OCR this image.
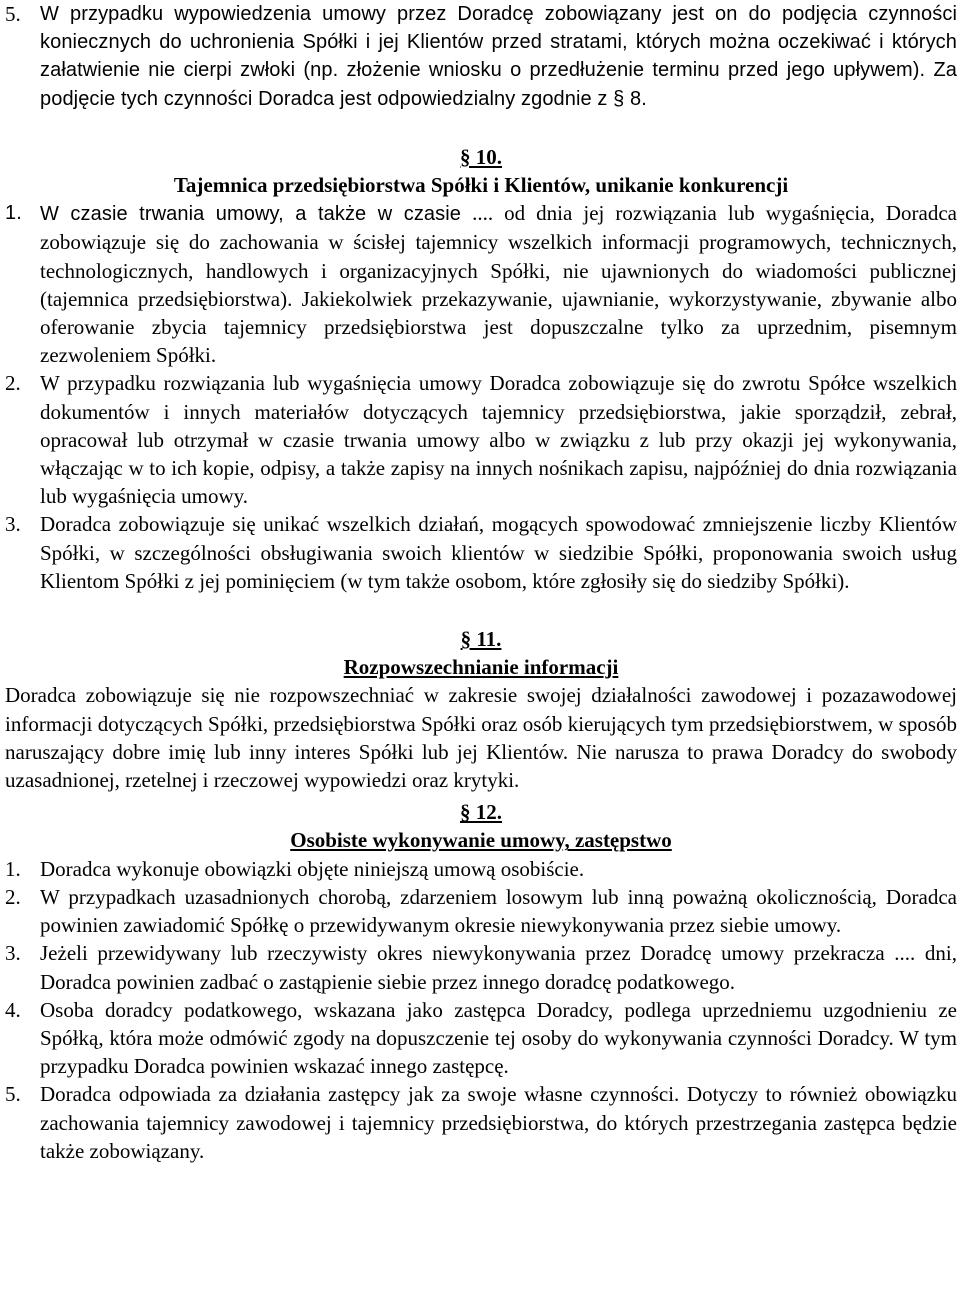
5. W przypadku wypowiedzenia umowy przez Doradcę zobowiązany jest on do podjęcia czynności koniecznych do uchronienia Spółki i jej Klientów przed stratami, których można oczekiwać i których załatwienie nie cierpi zwłoki (np. złożenie wniosku o przedłużenie terminu przed jego upływem). Za podjęcie tych czynności Doradca jest odpowiedzialny zgodnie z § 8.
§ 10.
Tajemnica przedsiębiorstwa Spółki i Klientów, unikanie konkurencji
1. W czasie trwania umowy, a także w czasie .... od dnia jej rozwiązania lub wygaśnięcia, Doradca zobowiązuje się do zachowania w ścisłej tajemnicy wszelkich informacji programowych, technicznych, technologicznych, handlowych i organizacyjnych Spółki, nie ujawnionych do wiadomości publicznej (tajemnica przedsiębiorstwa). Jakiekolwiek przekazywanie, ujawnianie, wykorzystywanie, zbywanie albo oferowanie zbycia tajemnicy przedsiębiorstwa jest dopuszczalne tylko za uprzednim, pisemnym zezwoleniem Spółki.
2. W przypadku rozwiązania lub wygaśnięcia umowy Doradca zobowiązuje się do zwrotu Spółce wszelkich dokumentów i innych materiałów dotyczących tajemnicy przedsiębiorstwa, jakie sporządził, zebrał, opracował lub otrzymał w czasie trwania umowy albo w związku z lub przy okazji jej wykonywania, włączając w to ich kopie, odpisy, a także zapisy na innych nośnikach zapisu, najpóźniej do dnia rozwiązania lub wygaśnięcia umowy.
3. Doradca zobowiązuje się unikać wszelkich działań, mogących spowodować zmniejszenie liczby Klientów Spółki, w szczególności obsługiwania swoich klientów w siedzibie Spółki, proponowania swoich usług Klientom Spółki z jej pominięciem (w tym także osobom, które zgłosiły się do siedziby Spółki).
§ 11.
Rozpowszechnianie informacji

Doradca zobowiązuje się nie rozpowszechniać w zakresie swojej działalności zawodowej i pozazawodowej informacji dotyczących Spółki, przedsiębiorstwa Spółki oraz osób kierujących tym przedsiębiorstwem, w sposób naruszający dobre imię lub inny interes Spółki lub jej Klientów. Nie narusza to prawa Doradcy do swobody uzasadnionej, rzetelnej i rzeczowej wypowiedzi oraz krytyki.

§ 12.
Osobiste wykonywanie umowy, zastępstwo
1. Doradca wykonuje obowiązki objęte niniejszą umową osobiście.
2. W przypadkach uzasadnionych chorobą, zdarzeniem losowym lub inną poważną okolicznością, Doradca powinien zawiadomić Spółkę o przewidywanym okresie niewykonywania przez siebie umowy.
3. Jeżeli przewidywany lub rzeczywisty okres niewykonywania przez Doradcę umowy przekracza .... dni, Doradca powinien zadbać o zastąpienie siebie przez innego doradcę podatkowego.
4. Osoba doradcy podatkowego, wskazana jako zastępca Doradcy, podlega uprzedniemu uzgodnieniu ze Spółką, która może odmówić zgody na dopuszczenie tej osoby do wykonywania czynności Doradcy. W tym przypadku Doradca powinien wskazać innego zastępcę.
5. Doradca odpowiada za działania zastępcy jak za swoje własne czynności. Dotyczy to również obowiązku zachowania tajemnicy zawodowej i tajemnicy przedsiębiorstwa, do których przestrzegania zastępca będzie także zobowiązany.
